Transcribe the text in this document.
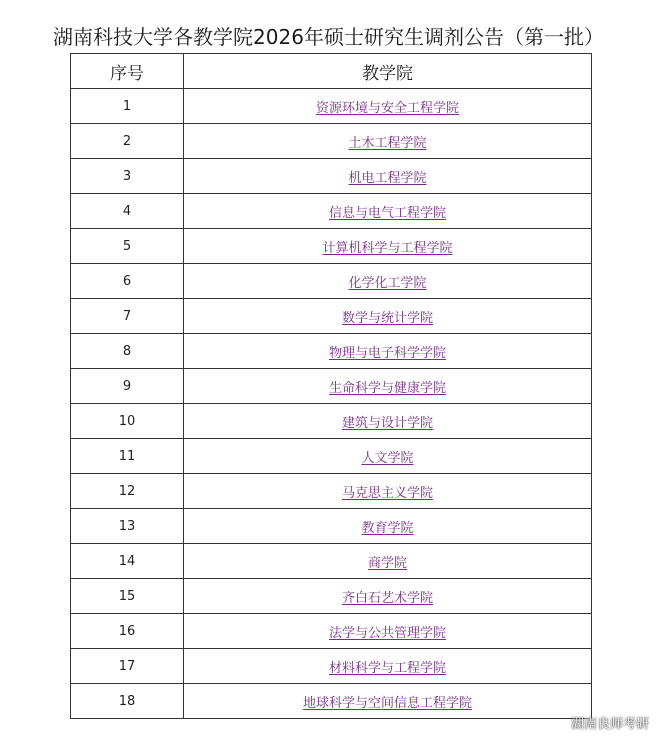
湖南科技大学各教学院2026年硕士研究生调剂公告（第一批）
序号	教学院
1	资源环境与安全工程学院
2	土木工程学院
3	机电工程学院
4	信息与电气工程学院
5	计算机科学与工程学院
6	化学化工学院
7	数学与统计学院
8	物理与电子科学学院
9	生命科学与健康学院
10	建筑与设计学院
11	人文学院
12	马克思主义学院
13	教育学院
14	商学院
15	齐白石艺术学院
16	法学与公共管理学院
17	材料科学与工程学院
18	地球科学与空间信息工程学院
湖南良师考研
